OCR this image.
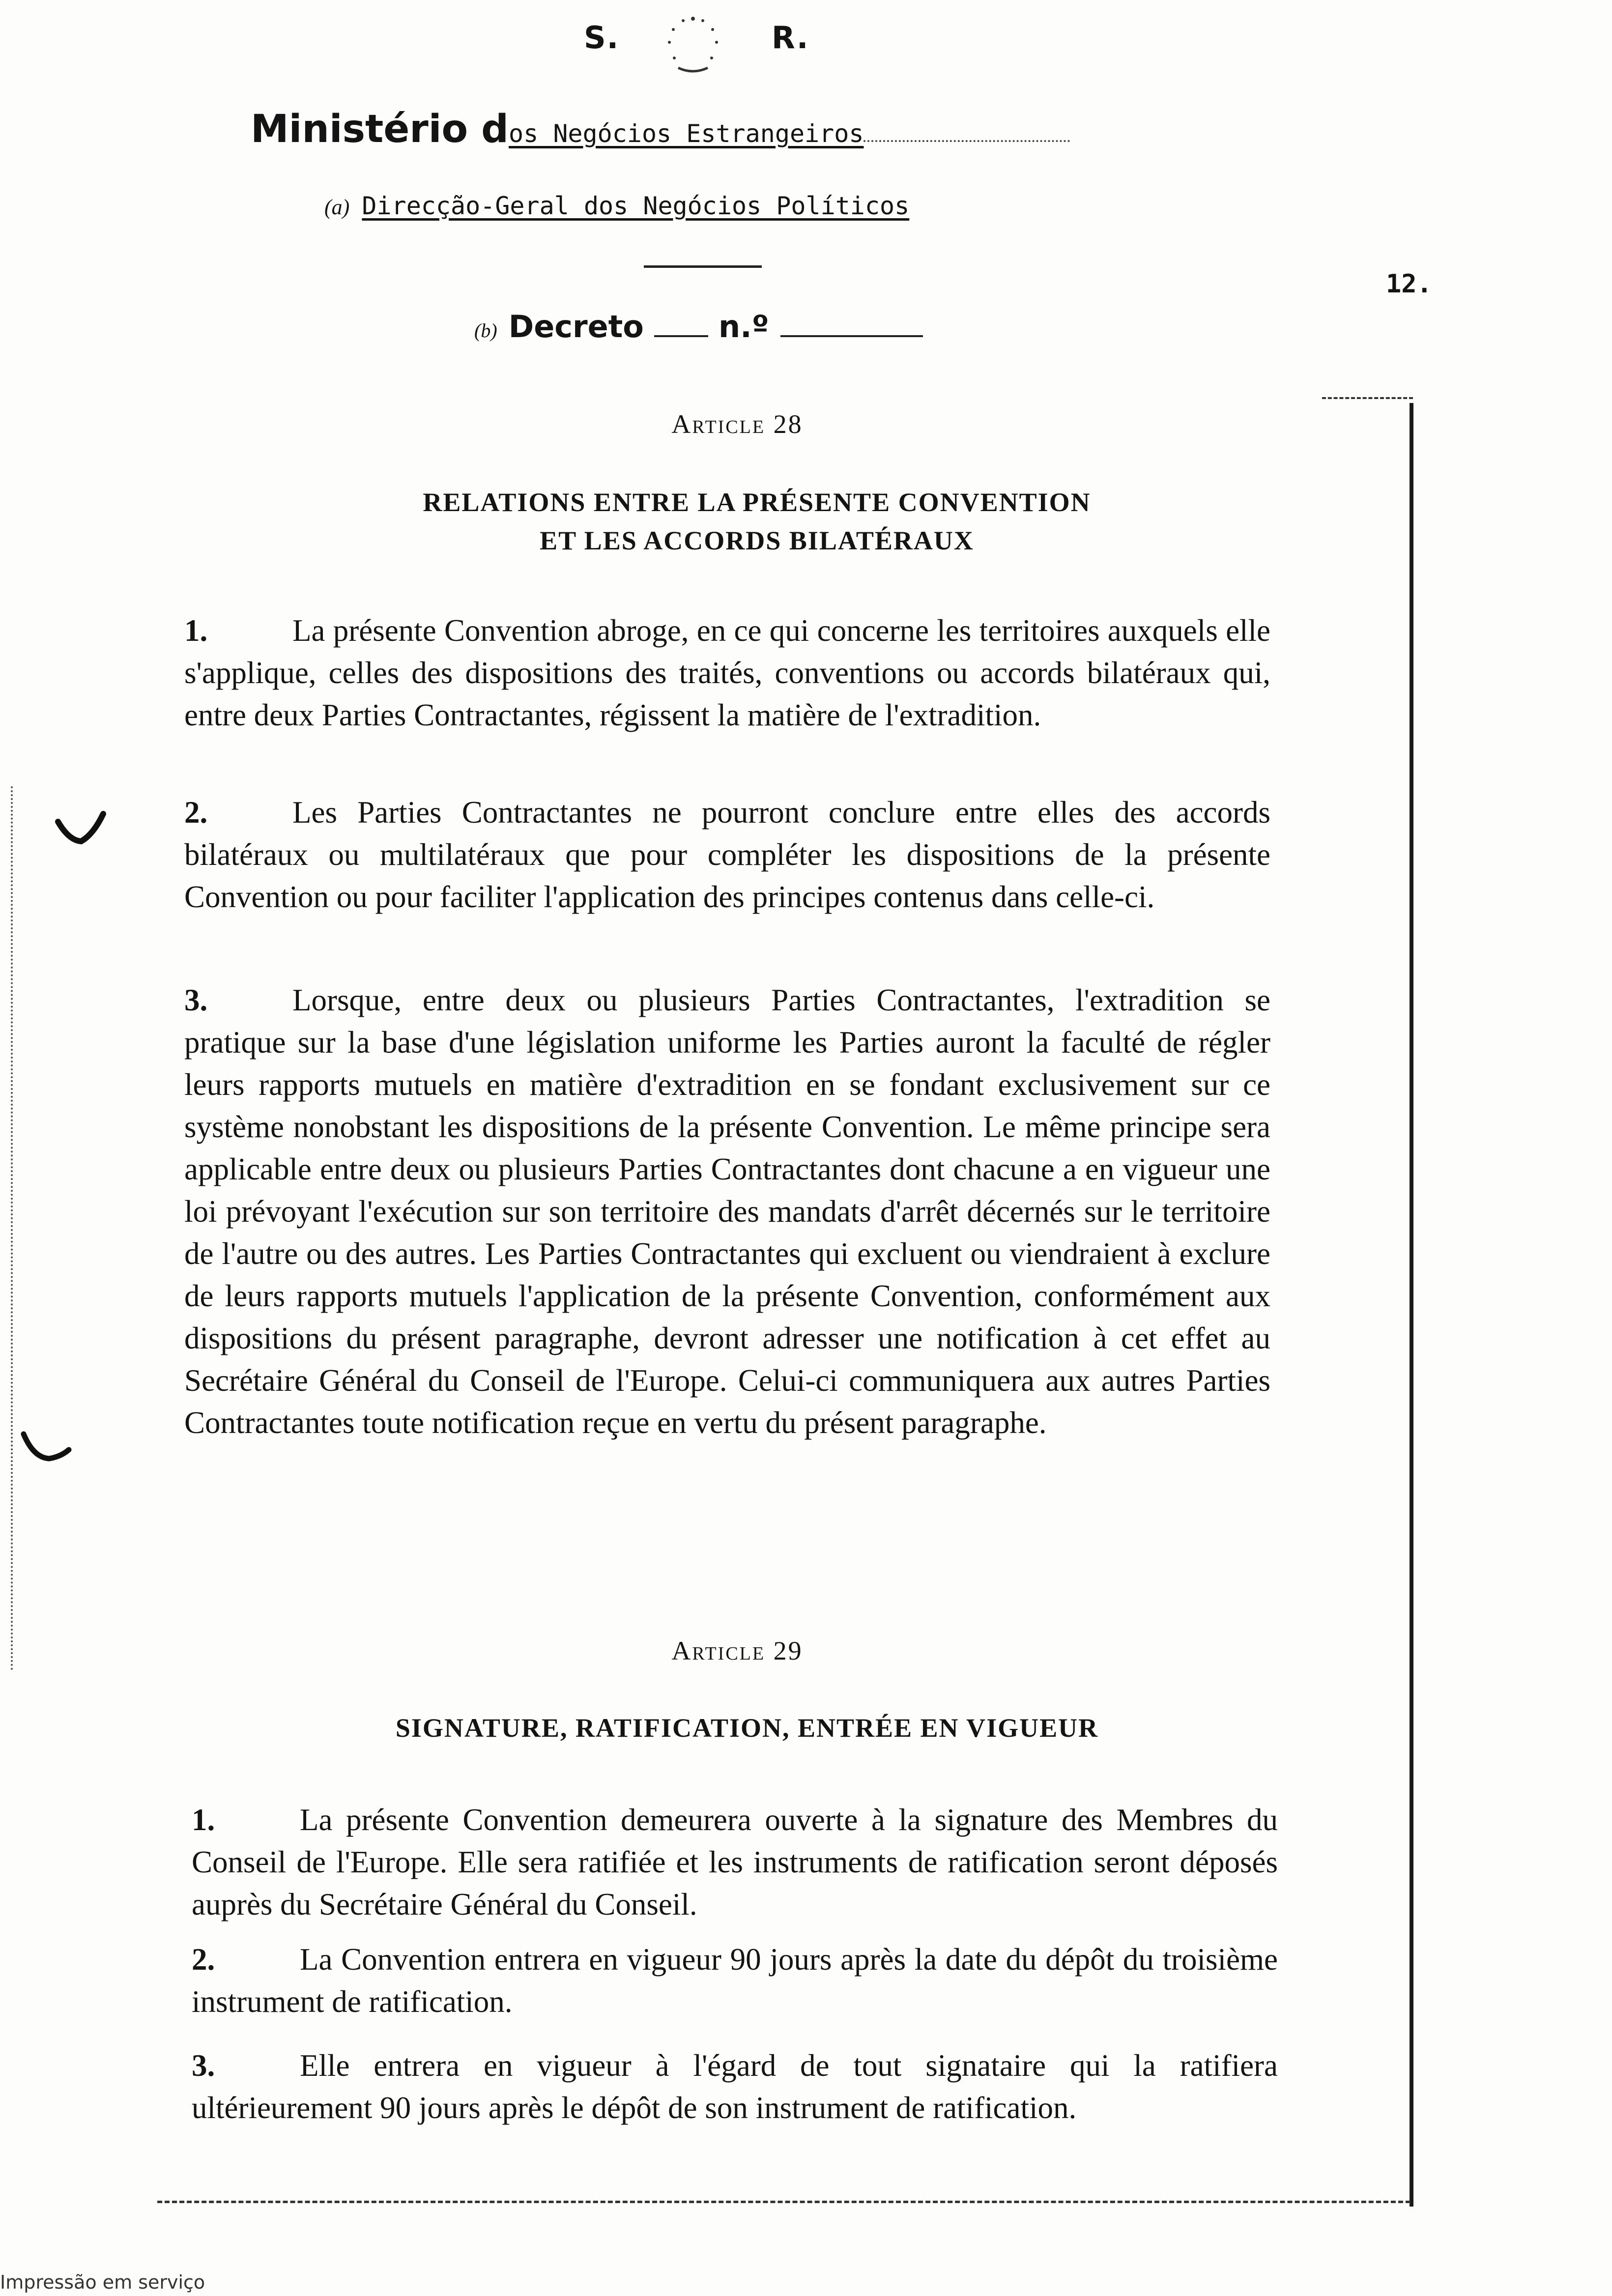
S.	R.
Ministério dos Negócios Estrangeiros
(a) Direcção-Geral dos Negócios Políticos
12.
(b) Decreto n.º
Article 28
RELATIONS ENTRE LA PRÉSENTE CONVENTION
ET LES ACCORDS BILATÉRAUX
1.	La présente Convention abroge, en ce qui concerne les territoires auxquels elle s'applique, celles des dispositions des traités, conventions ou accords bilatéraux qui, entre deux Parties Contractantes, régissent la matière de l'extradition.
2.	Les Parties Contractantes ne pourront conclure entre elles des accords bilatéraux ou multilatéraux que pour compléter les dispositions de la présente Convention ou pour faciliter l'application des principes contenus dans celle-ci.
3.	Lorsque, entre deux ou plusieurs Parties Contractantes, l'extradition se pratique sur la base d'une législation uniforme les Parties auront la faculté de régler leurs rapports mutuels en matière d'extradition en se fondant exclusivement sur ce système nonobstant les dispositions de la présente Convention. Le même principe sera applicable entre deux ou plusieurs Parties Contractantes dont chacune a en vigueur une loi prévoyant l'exécution sur son territoire des mandats d'arrêt décernés sur le territoire de l'autre ou des autres. Les Parties Contractantes qui excluent ou viendraient à exclure de leurs rapports mutuels l'application de la présente Convention, conformément aux dispositions du présent paragraphe, devront adresser une notification à cet effet au Secrétaire Général du Conseil de l'Europe. Celui-ci communiquera aux autres Parties Contractantes toute notification reçue en vertu du présent paragraphe.
Article 29
SIGNATURE, RATIFICATION, ENTRÉE EN VIGUEUR
1.	La présente Convention demeurera ouverte à la signature des Membres du Conseil de l'Europe. Elle sera ratifiée et les instruments de ratification seront déposés auprès du Secrétaire Général du Conseil.
2.	La Convention entrera en vigueur 90 jours après la date du dépôt du troisième instrument de ratification.
3.	Elle entrera en vigueur à l'égard de tout signataire qui la ratifiera ultérieurement 90 jours après le dépôt de son instrument de ratification.
Impressão em serviço
